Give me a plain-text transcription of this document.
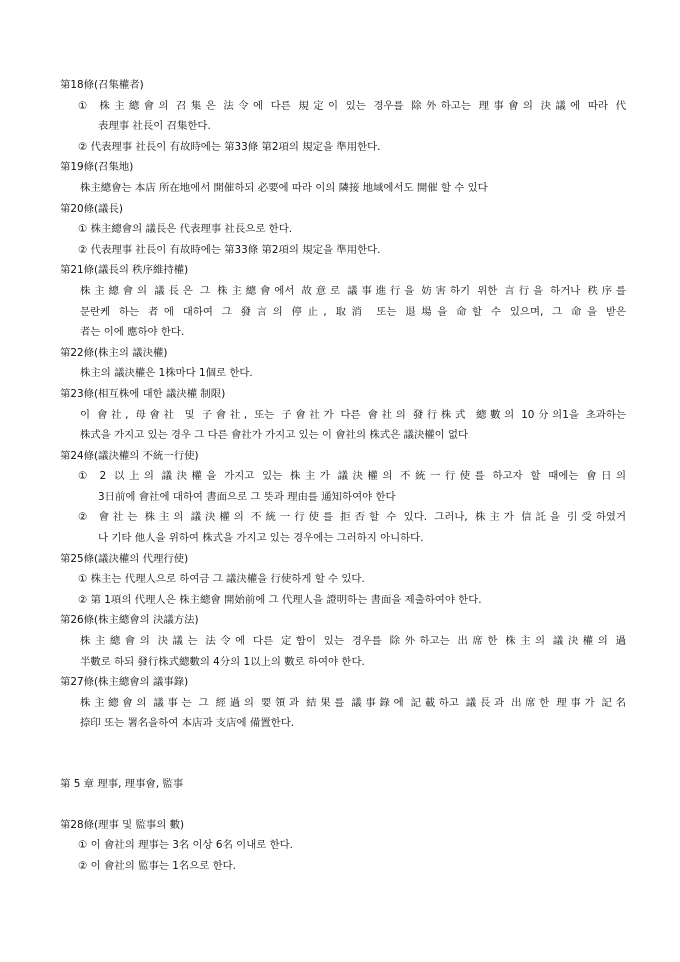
第18條(召集權者)
① 株主總會의 召集은 法令에 다른 規定이 있는 경우를 除外하고는 理事會의 決議에 따라 代
表理事 社長이 召集한다.
② 代表理事 社長이 有故時에는 第33條 第2項의 規定을 準用한다.
第19條(召集地)
株主總會는 本店 所在地에서 開催하되 必要에 따라 이의 隣接 地域에서도 開催 할 수 있다
第20條(議長)
① 株主總會의 議長은 代表理事 社長으로 한다.
② 代表理事 社長이 有故時에는 第33條 第2項의 規定을 準用한다.
第21條(議長의 秩序維持權)
株主總會의 議長은 그 株主總會에서 故意로 議事進行을 妨害하기 위한 言行을 하거나 秩序를
문란케 하는 者에 대하여 그 發言의 停止, 取消 또는 退場을 命할 수 있으며, 그 命을 받은
者는 이에 應하야 한다.
第22條(株主의 議決權)
株主의 議決權은 1株마다 1個로 한다.
第23條(相互株에 대한 議決權 制限)
이 會社, 母會社 및 子會社, 또는 子會社가 다른 會社의 發行株式 總數의 10分의1을 초과하는
株式을 가지고 있는 경우 그 다른 會社가 가지고 있는 이 會社의 株式은 議決權이 없다
第24條(議決權의 不統一行使)
① 2 以上의 議決權을 가지고 있는 株主가 議決權의 不統一行使를 하고자 할 때에는 會日의
3日前에 會社에 대하여 書面으로 그 뜻과 理由를 通知하여야 한다
② 會社는 株主의 議決權의 不統一行使를 拒否할 수 있다. 그러나, 株主가 信託을 引受하였거
나 기타 他人을 위하여 株式을 가지고 있는 경우에는 그러하지 아니하다.
第25條(議決權의 代理行使)
① 株主는 代理人으로 하여금 그 議決權을 行使하게 할 수 있다.
② 第 1項의 代理人은 株主總會 開始前에 그 代理人을 證明하는 書面을 제출하여야 한다.
第26條(株主總會의 決議方法)
株主總會의 決議는 法令에 다른 定함이 있는 경우를 除外하고는 出席한 株主의 議決權의 過
半數로 하되 發行株式總數의 4分의 1以上의 數로 하여야 한다.
第27條(株主總會의 議事錄)
株主總會의 議事는 그 經過의 要領과 結果를 議事錄에 記載하고 議長과 出席한 理事가 記名
捺印 또는 署名을하여 本店과 支店에 備置한다.
第 5 章 理事, 理事會, 監事
第28條(理事 및 監事의 數)
① 이 會社의 理事는 3名 이상 6名 이내로 한다.
② 이 會社의 監事는 1名으로 한다.
